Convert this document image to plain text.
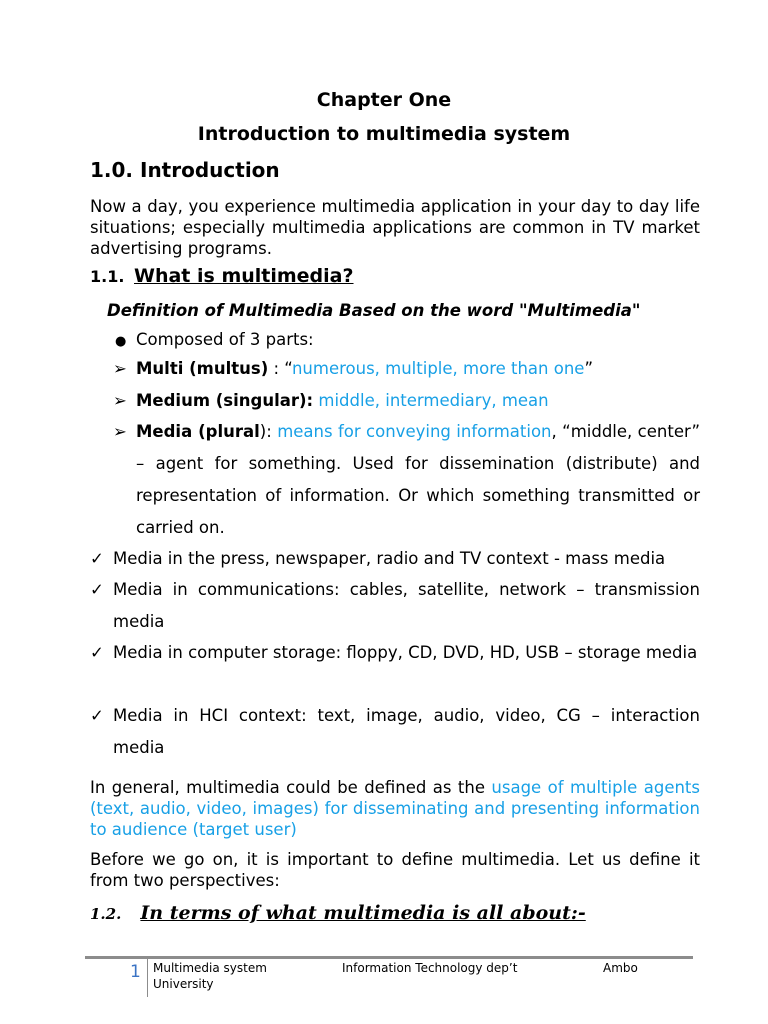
Chapter One
Introduction to multimedia system
1.0. Introduction
Now a day, you experience multimedia application in your day to day life situations; especially multimedia applications are common in TV market advertising programs.
1.1. What is multimedia?
Definition of Multimedia Based on the word "Multimedia"
● Composed of 3 parts:
➢ Multi (multus) : “numerous, multiple, more than one”
➢ Medium (singular): middle, intermediary, mean
➢ Media (plural): means for conveying information, “middle, center” – agent for something. Used for dissemination (distribute) and representation of information. Or which something transmitted or carried on.
✓ Media in the press, newspaper, radio and TV context - mass media
✓ Media in communications: cables, satellite, network – transmission media
✓ Media in computer storage: floppy, CD, DVD, HD, USB – storage media
✓ Media in HCI context: text, image, audio, video, CG – interaction media
In general, multimedia could be defined as the usage of multiple agents (text, audio, video, images) for disseminating and presenting information to audience (target user)
Before we go on, it is important to define multimedia. Let us define it from two perspectives:
1.2. In terms of what multimedia is all about:-
1 Multimedia system	Information Technology dep’t	Ambo
University
